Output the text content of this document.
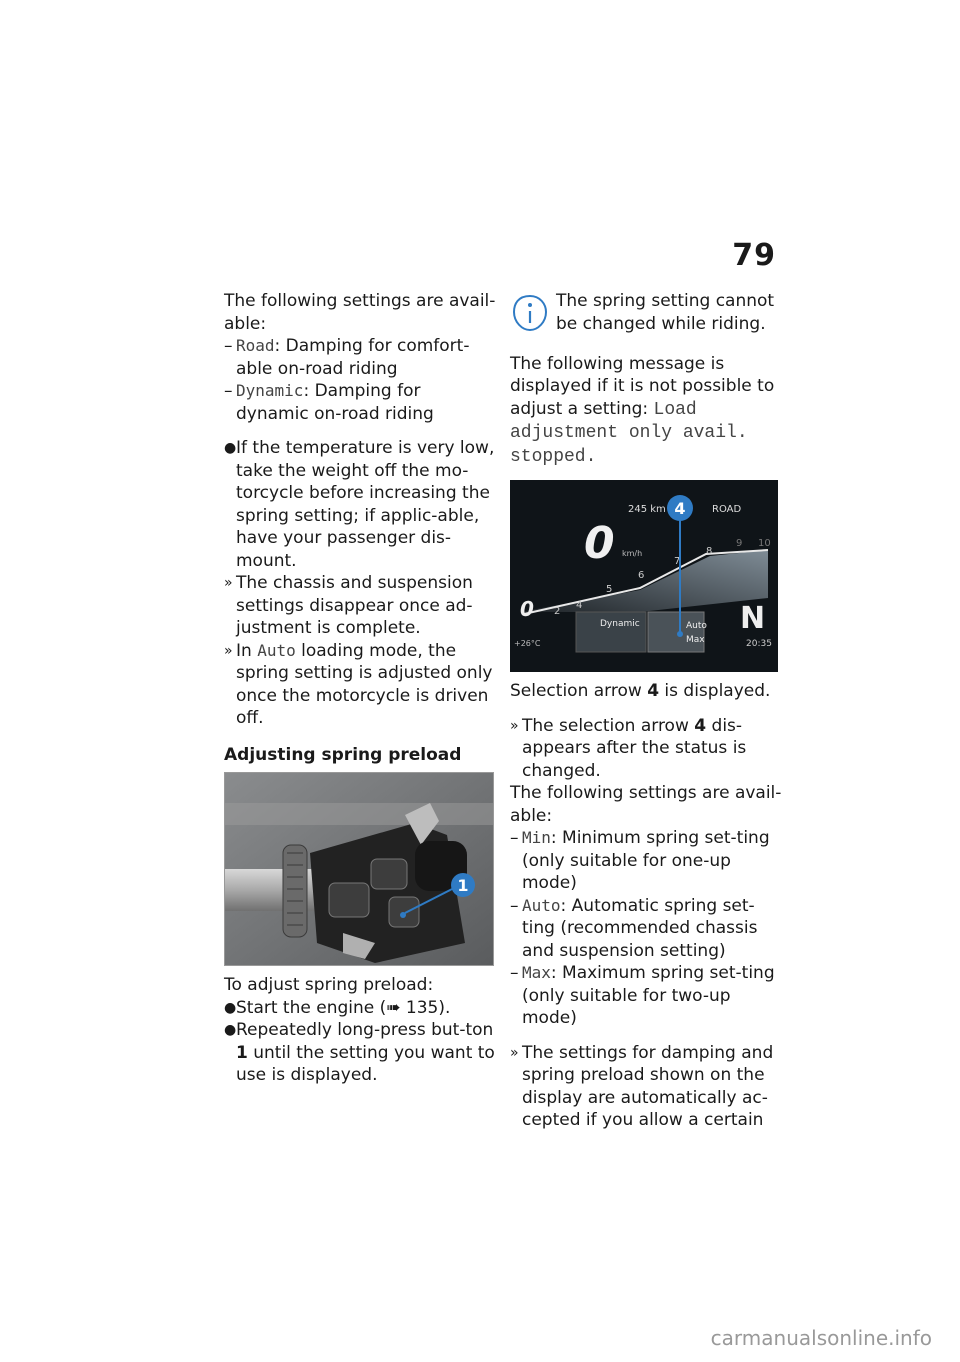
79

The following settings are avail-able:

– Road: Damping for comfort-able on-road riding
– Dynamic: Damping for dynamic on-road riding
● If the temperature is very low, take the weight off the mo-torcycle before increasing the spring setting; if applic-able, have your passenger dis-mount.
» The chassis and suspension settings disappear once ad-justment is complete.
» In Auto loading mode, the spring setting is adjusted only once the motorcycle is driven off.
Adjusting spring preload
1

To adjust spring preload:

● Start the engine (➠ 135).
● Repeatedly long-press but-ton 1 until the setting you want to use is displayed.

The spring setting cannot be changed while riding.

The following message is displayed if it is not possible to adjust a setting: Load adjustment only avail. stopped.

245 km	ROAD
0 km/h
0 2
4
5
6
7
8
9 10
Dynamic	Auto
Max
N
+26°C	20:35
4

Selection arrow 4 is displayed.

» The selection arrow 4 dis-appears after the status is changed.

The following settings are avail-able:

– Min: Minimum spring set-ting (only suitable for one-up mode)
– Auto: Automatic spring set-ting (recommended chassis and suspension setting)
– Max: Maximum spring set-ting (only suitable for two-up mode)
» The settings for damping and spring preload shown on the display are automatically ac-cepted if you allow a certain
carmanualsonline.info
